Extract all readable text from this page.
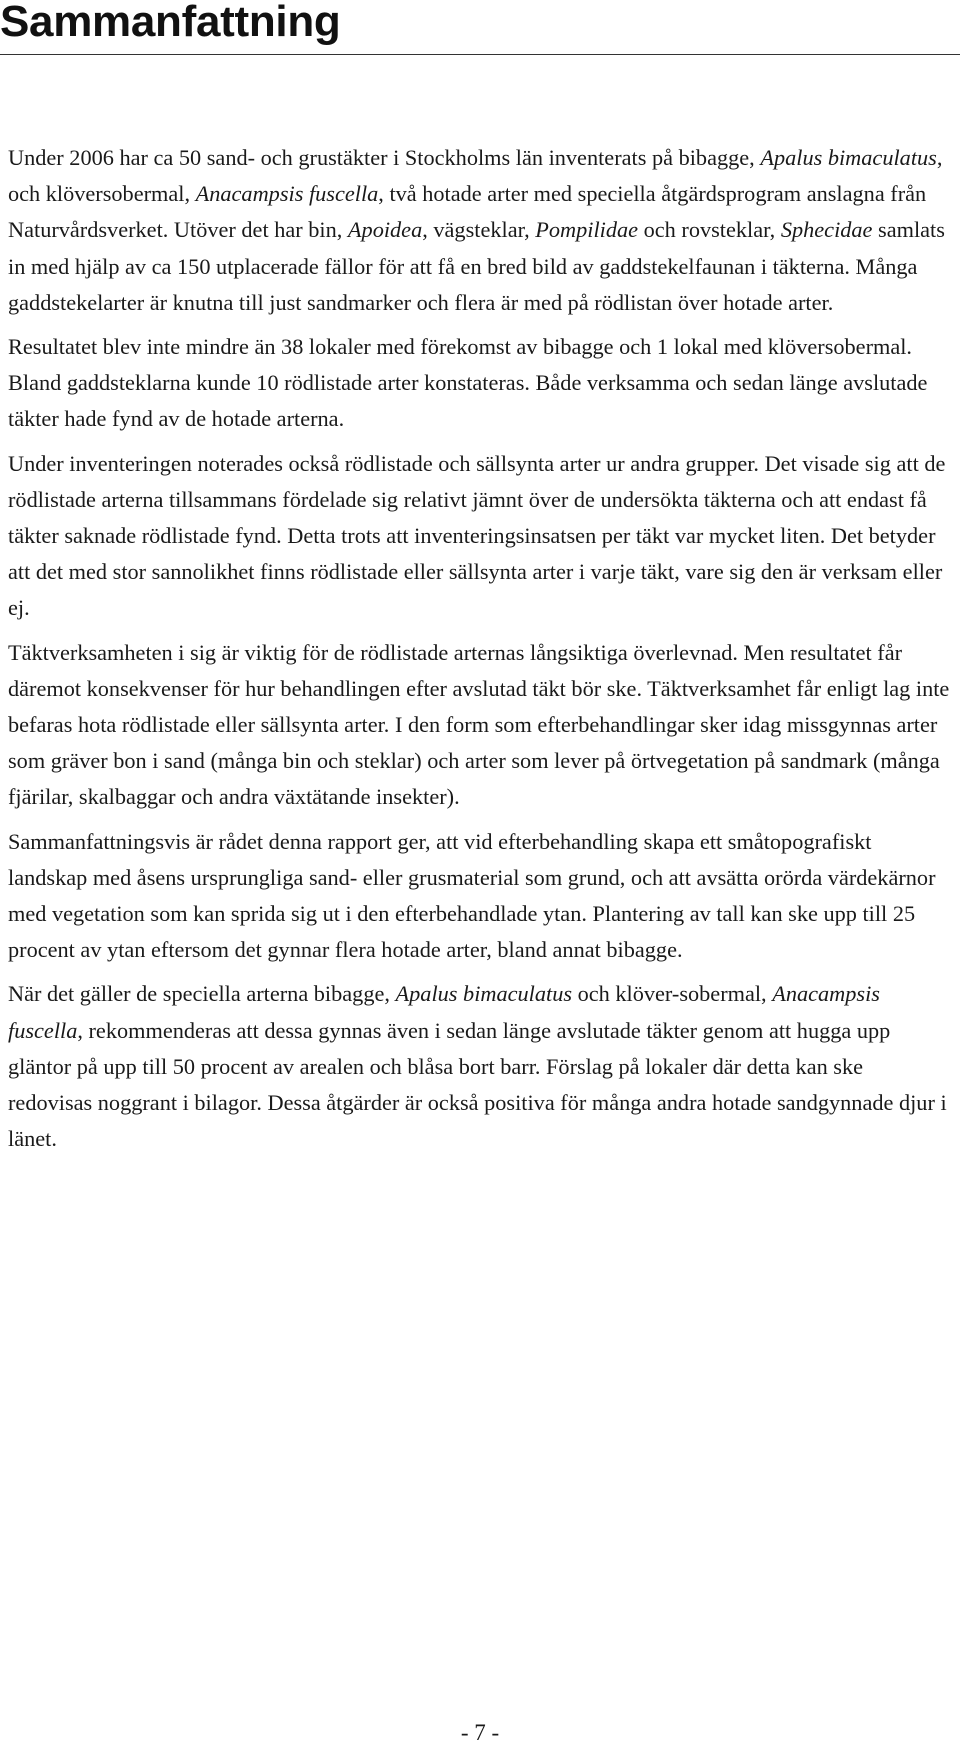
Sammanfattning

Under 2006 har ca 50 sand- och grustäkter i Stockholms län inventerats på bibagge, Apalus bimaculatus, och klöversobermal, Anacampsis fuscella, två hotade arter med speciella åtgärdsprogram anslagna från Naturvårdsverket. Utöver det har bin, Apoidea, vägsteklar, Pompilidae och rovsteklar, Sphecidae samlats in med hjälp av ca 150 utplacerade fällor för att få en bred bild av gaddstekelfaunan i täkterna. Många gaddstekelarter är knutna till just sandmarker och flera är med på rödlistan över hotade arter.

Resultatet blev inte mindre än 38 lokaler med förekomst av bibagge och 1 lokal med klöversobermal. Bland gaddsteklarna kunde 10 rödlistade arter konstateras. Både verksamma och sedan länge avslutade täkter hade fynd av de hotade arterna.

Under inventeringen noterades också rödlistade och sällsynta arter ur andra grupper. Det visade sig att de rödlistade arterna tillsammans fördelade sig relativt jämnt över de undersökta täkterna och att endast få täkter saknade rödlistade fynd. Detta trots att inventeringsinsatsen per täkt var mycket liten. Det betyder att det med stor sannolikhet finns rödlistade eller sällsynta arter i varje täkt, vare sig den är verksam eller ej.

Täktverksamheten i sig är viktig för de rödlistade arternas långsiktiga överlevnad. Men resultatet får däremot konsekvenser för hur behandlingen efter avslutad täkt bör ske. Täktverksamhet får enligt lag inte befaras hota rödlistade eller sällsynta arter. I den form som efterbehandlingar sker idag missgynnas arter som gräver bon i sand (många bin och steklar) och arter som lever på örtvegetation på sandmark (många fjärilar, skalbaggar och andra växtätande insekter).

Sammanfattningsvis är rådet denna rapport ger, att vid efterbehandling skapa ett småtopografiskt landskap med åsens ursprungliga sand- eller grusmaterial som grund, och att avsätta orörda värdekärnor med vegetation som kan sprida sig ut i den efterbehandlade ytan. Plantering av tall kan ske upp till 25 procent av ytan eftersom det gynnar flera hotade arter, bland annat bibagge.

När det gäller de speciella arterna bibagge, Apalus bimaculatus och klöver-sobermal, Anacampsis fuscella, rekommenderas att dessa gynnas även i sedan länge avslutade täkter genom att hugga upp gläntor på upp till 50 procent av arealen och blåsa bort barr. Förslag på lokaler där detta kan ske redovisas noggrant i bilagor. Dessa åtgärder är också positiva för många andra hotade sandgynnade djur i länet.

- 7 -
